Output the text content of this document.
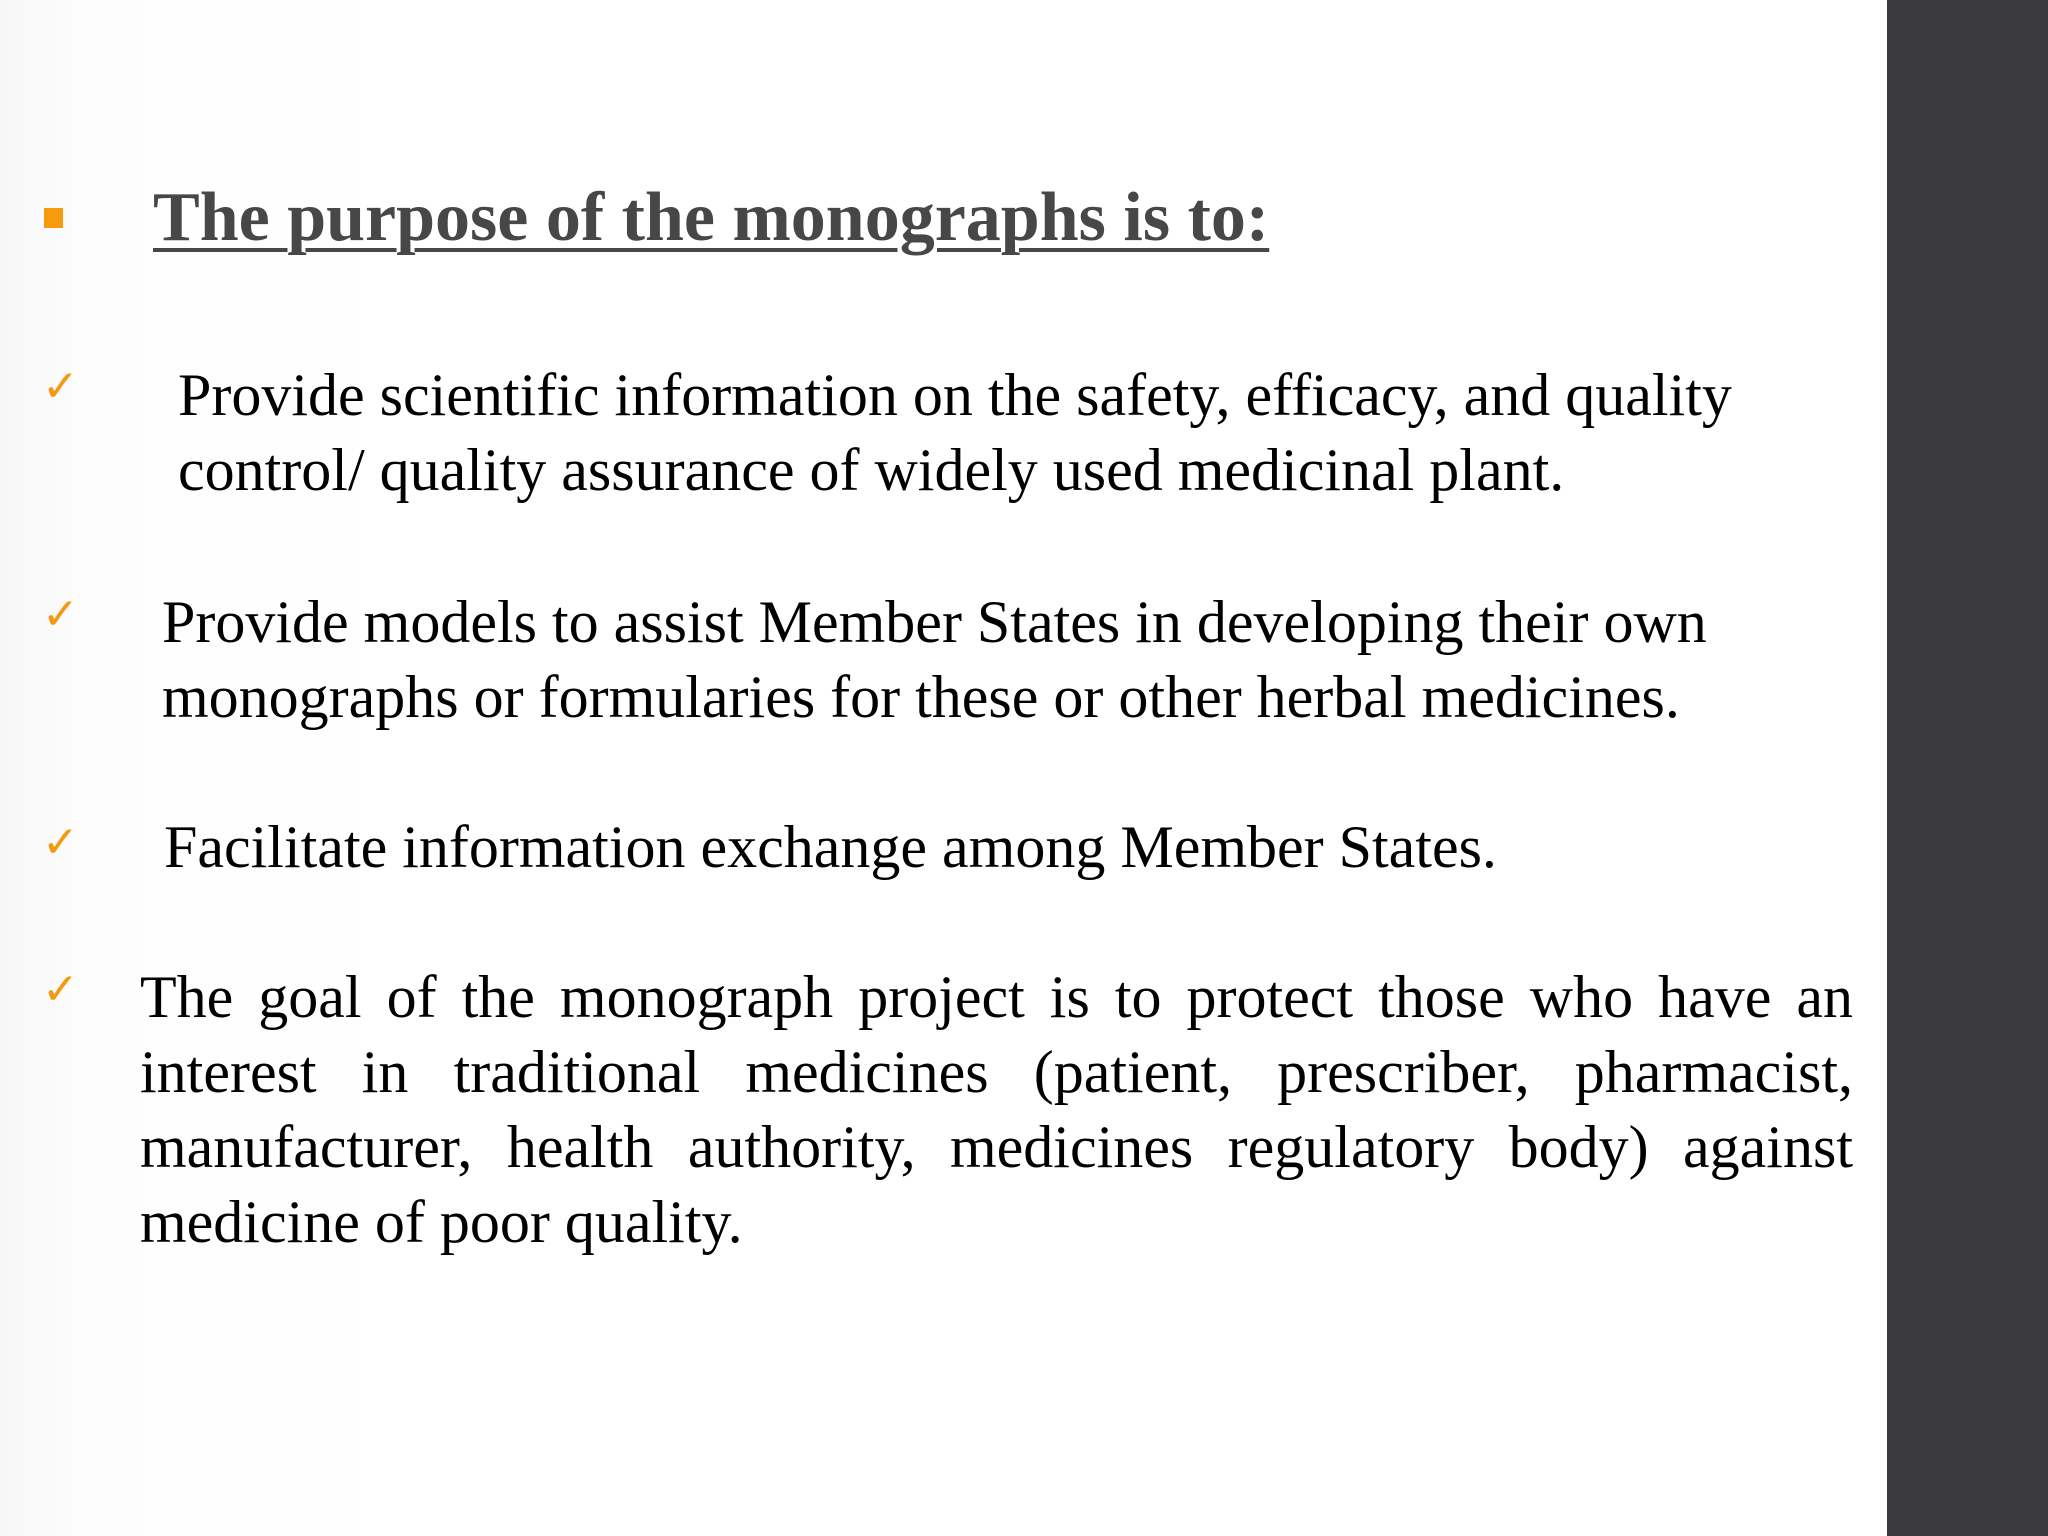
The purpose of the monographs is to:
✓ Provide scientific information on the safety, efficacy, and quality
control/ quality assurance of widely used medicinal plant.
✓ Provide models to assist Member States in developing their own
monographs or formularies for these or other herbal medicines.
✓ Facilitate information exchange among Member States.
✓ The goal of the monograph project is to protect those who have an
interest in traditional medicines (patient, prescriber, pharmacist,
manufacturer, health authority, medicines regulatory body) against
medicine of poor quality.
